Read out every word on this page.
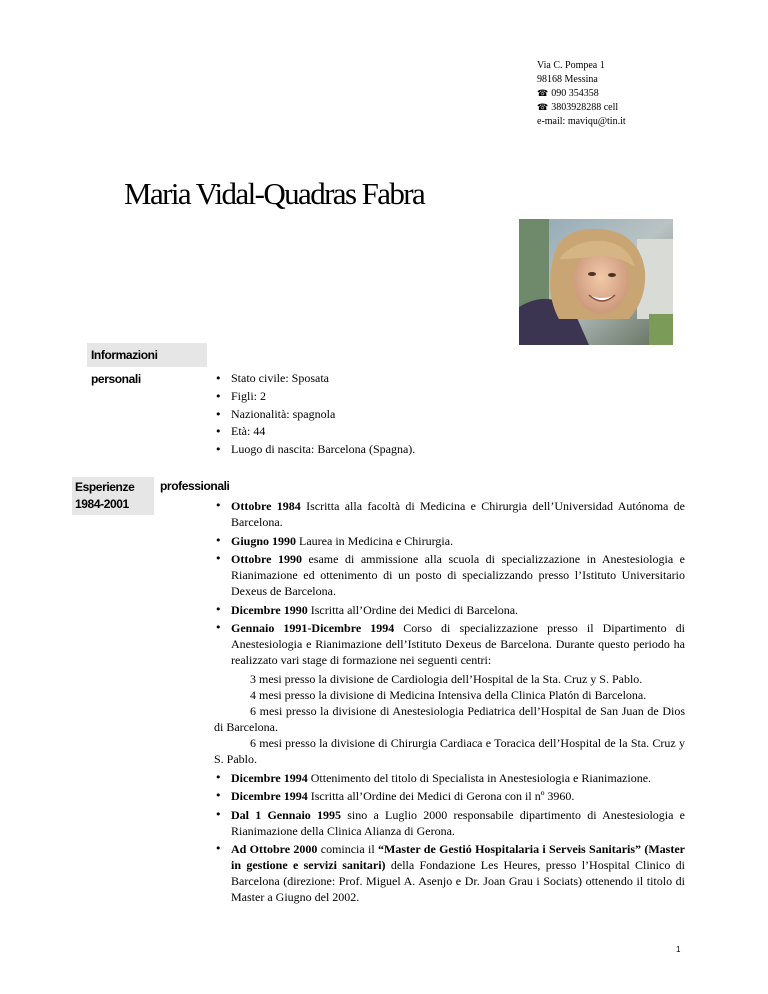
Via C. Pompea 1
98168 Messina
☎ 090 354358
☎ 3803928288 cell
e-mail: maviqu@tin.it
Maria Vidal-Quadras Fabra
Informazioni personali	• Stato civile: Sposata
• Figli: 2
• Nazionalità: spagnola
• Età: 44
• Luogo di nascita: Barcelona (Spagna).
Esperienze
1984-2001
professionali
• Ottobre 1984 Iscritta alla facoltà di Medicina e Chirurgia dell’Universidad Autónoma de Barcelona.
• Giugno 1990 Laurea in Medicina e Chirurgia.
• Ottobre 1990 esame di ammissione alla scuola di specializzazione in Anestesiologia e Rianimazione ed ottenimento di un posto di specializzando presso l’Istituto Universitario Dexeus de Barcelona.
• Dicembre 1990 Iscritta all’Ordine dei Medici di Barcelona.
• Gennaio 1991-Dicembre 1994 Corso di specializzazione presso il Dipartimento di Anestesiologia e Rianimazione dell’Istituto Dexeus de Barcelona. Durante questo periodo ha realizzato vari stage di formazione nei seguenti centri:
3 mesi presso la divisione de Cardiologia dell’Hospital de la Sta. Cruz y S. Pablo.
4 mesi presso la divisione di Medicina Intensiva della Clinica Platón di Barcelona.
6 mesi presso la divisione di Anestesiologia Pediatrica dell’Hospital de San Juan de Dios di Barcelona.
6 mesi presso la divisione di Chirurgia Cardiaca e Toracica dell’Hospital de la Sta. Cruz y S. Pablo.
• Dicembre 1994 Ottenimento del titolo di Specialista in Anestesiologia e Rianimazione.
• Dicembre 1994 Iscritta all’Ordine dei Medici di Gerona con il nº 3960.
• Dal 1 Gennaio 1995 sino a Luglio 2000 responsabile dipartimento di Anestesiologia e Rianimazione della Clinica Alianza di Gerona.
• Ad Ottobre 2000 comincia il “Master de Gestió Hospitalaria i Serveis Sanitaris” (Master in gestione e servizi sanitari) della Fondazione Les Heures, presso l’Hospital Clinico di Barcelona (direzione: Prof. Miguel A. Asenjo e Dr. Joan Grau i Sociats) ottenendo il titolo di Master a Giugno del 2002.
1
